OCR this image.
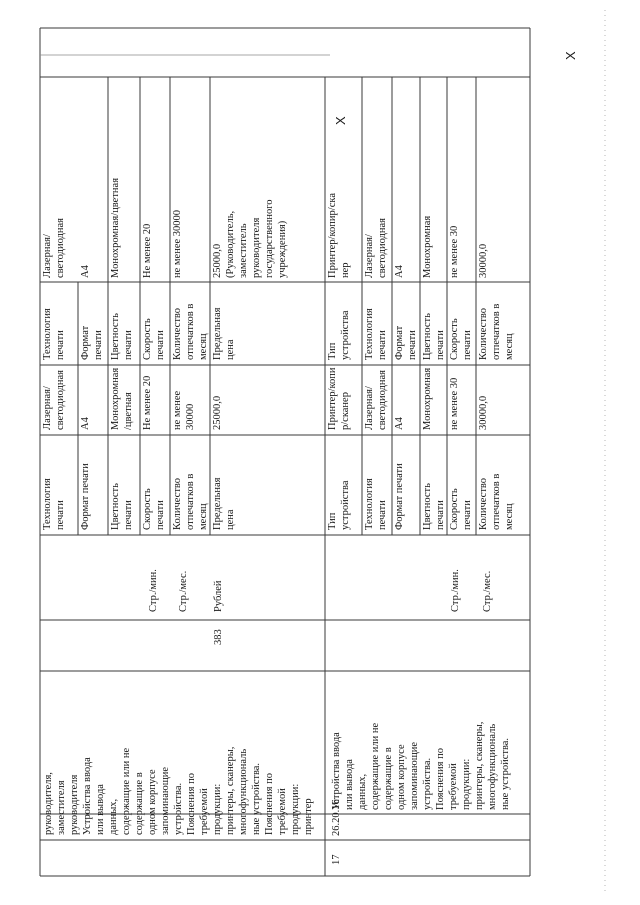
руководителя, заместителя руководителя Устройства ввода или вывода данных, содержащие или не содержащие в одном корпусе запоминающие устройства. Пояснения по требуемой продукции: принтеры, сканеры, многофункциональ ные устройства. Пояснения по требуемой продукции: принтер
383
Стр./мин. Стр./мес. Рублей
Технология печати
Лазерная/ светодиодная
Формат печати
А4
Цветность печати
Монохромная /цветная
Скорость печати
Не менее 20
Количество отпечатков в месяц
не менее 30000
Предельная цена
25000,0
Технология печати
Лазерная/ светодиодная
Формат печати
А4
Цветность печати
Монохромная/цветная
Скорость печати
Не менее 20
Количество отпечатков в месяц
не менее 30000
Предельная цена
25000,0 (Руководитель, заместитель руководителя государственного учреждения)
X
17
26.20.16
Устройства ввода или вывода данных, содержащие или не содержащие в одном корпусе запоминающие устройства. Пояснения по требуемой продукции: принтеры, сканеры, многофункциональ ные устройства.
Стр./мин. Стр./мес.
Тип устройства
Принтер/копи р/сканер
Технология печати
Лазерная/ светодиодная
Формат печати
А4
Цветность печати
Монохромная
Скорость печати
не менее 30
Количество отпечатков в месяц
30000,0
Тип устройства
Принтер/копир/ска нер
Технология печати
Лазерная/ светодиодная
Формат печати
А4
Цветность печати
Монохромная
Скорость печати
не менее 30
Количество отпечатков в месяц
30000,0
X
